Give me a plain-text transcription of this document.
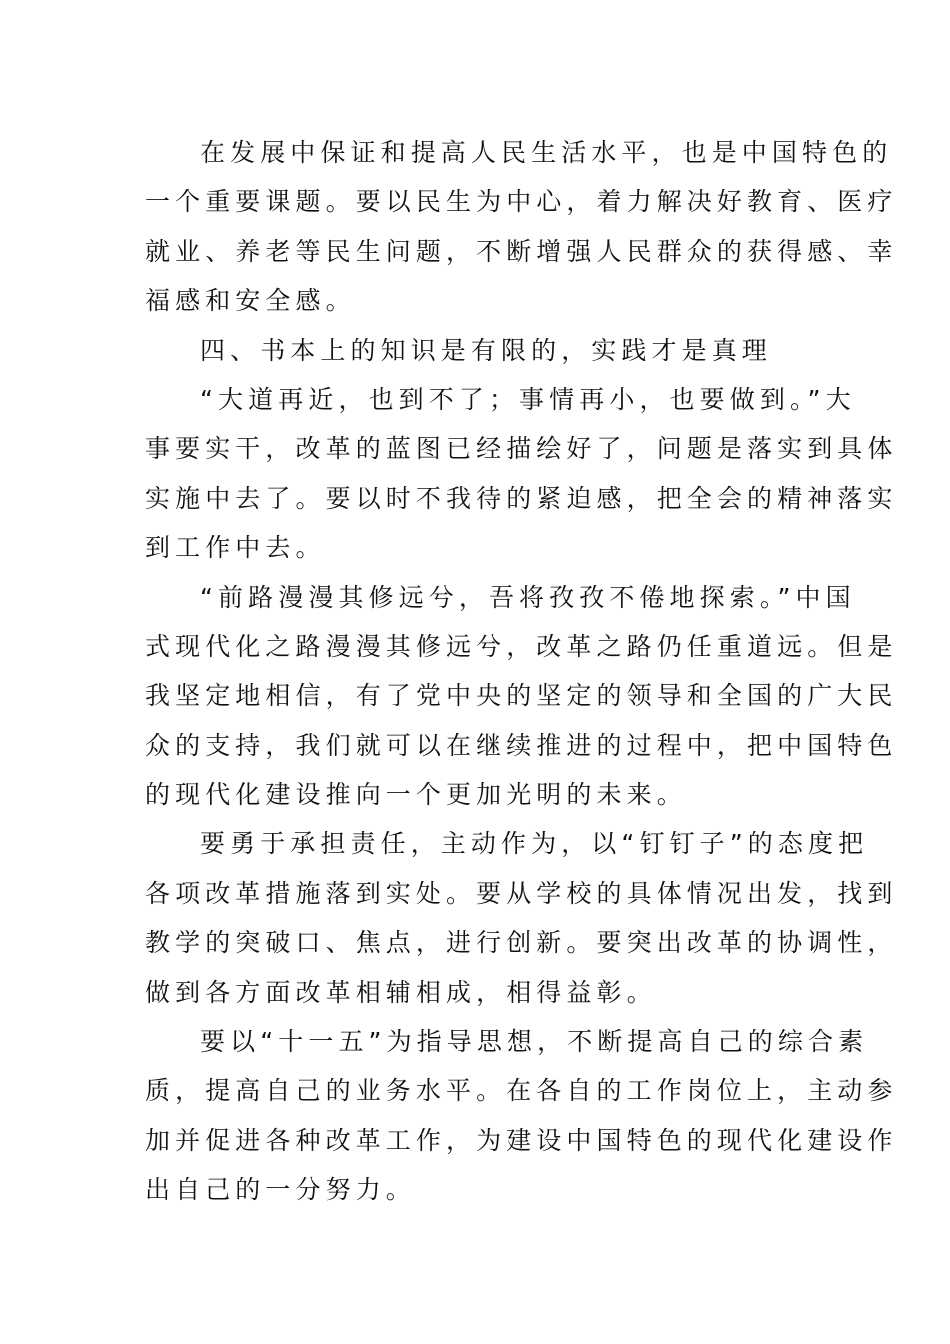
在发展中保证和提高人民生活水平，也是中国特色的
一个重要课题。要以民生为中心，着力解决好教育、医疗
就业、养老等民生问题，不断增强人民群众的获得感、幸
福感和安全感。
四、书本上的知识是有限的，实践才是真理
“大道再近，也到不了；事情再小，也要做到。”大
事要实干，改革的蓝图已经描绘好了，问题是落实到具体
实施中去了。要以时不我待的紧迫感，把全会的精神落实
到工作中去。
“前路漫漫其修远兮，吾将孜孜不倦地探索。”中国
式现代化之路漫漫其修远兮，改革之路仍任重道远。但是
我坚定地相信，有了党中央的坚定的领导和全国的广大民
众的支持，我们就可以在继续推进的过程中，把中国特色
的现代化建设推向一个更加光明的未来。
要勇于承担责任，主动作为，以“钉钉子”的态度把
各项改革措施落到实处。要从学校的具体情况出发，找到
教学的突破口、焦点，进行创新。要突出改革的协调性，
做到各方面改革相辅相成，相得益彰。
要以“十一五”为指导思想，不断提高自己的综合素
质，提高自己的业务水平。在各自的工作岗位上，主动参
加并促进各种改革工作，为建设中国特色的现代化建设作
出自己的一分努力。
